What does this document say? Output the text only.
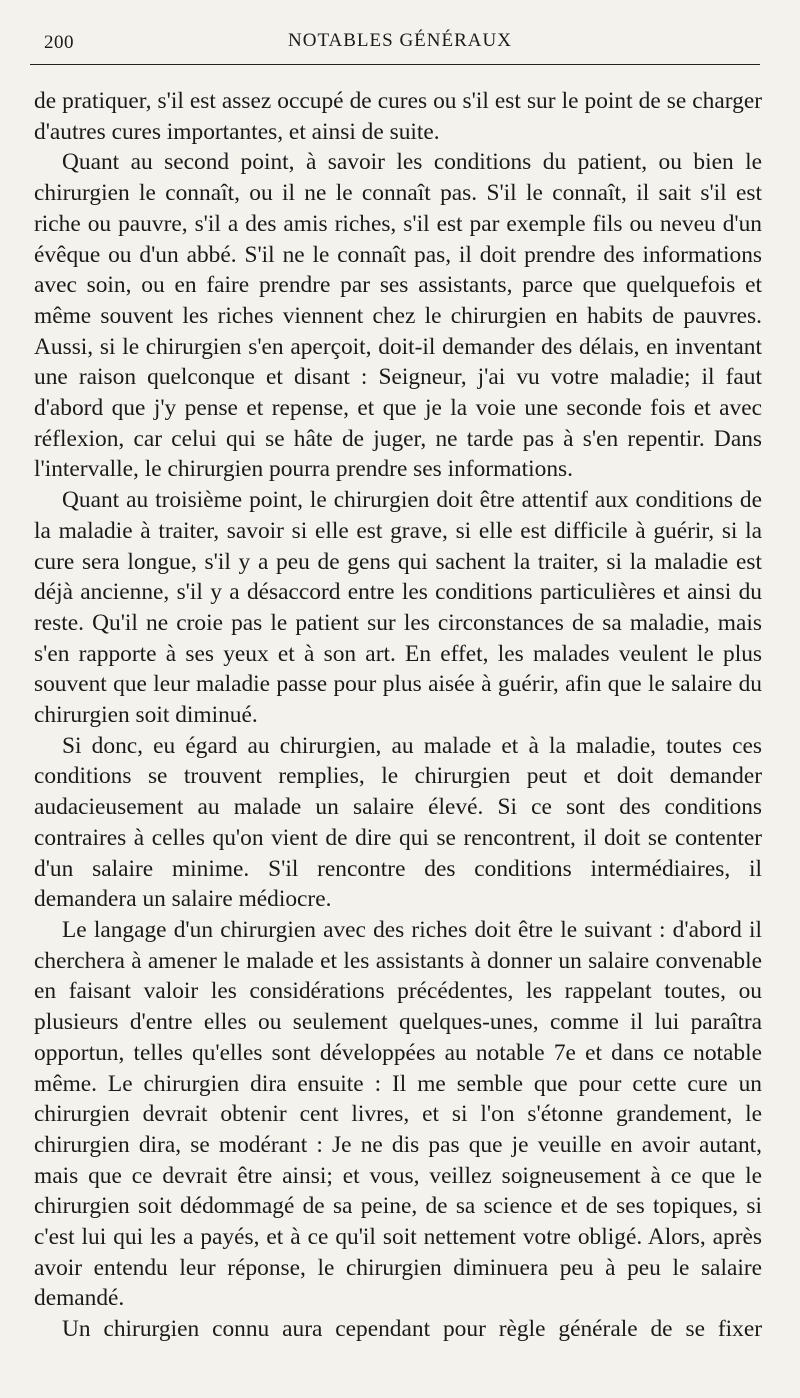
200	NOTABLES GÉNÉRAUX

de pratiquer, s'il est assez occupé de cures ou s'il est sur le point de se charger d'autres cures importantes, et ainsi de suite.

Quant au second point, à savoir les conditions du patient, ou bien le chirurgien le connaît, ou il ne le connaît pas. S'il le connaît, il sait s'il est riche ou pauvre, s'il a des amis riches, s'il est par exemple fils ou neveu d'un évêque ou d'un abbé. S'il ne le connaît pas, il doit prendre des informations avec soin, ou en faire prendre par ses assistants, parce que quelquefois et même souvent les riches viennent chez le chirurgien en habits de pauvres. Aussi, si le chirurgien s'en aperçoit, doit-il demander des délais, en inventant une raison quelconque et disant : Seigneur, j'ai vu votre maladie; il faut d'abord que j'y pense et repense, et que je la voie une seconde fois et avec réflexion, car celui qui se hâte de juger, ne tarde pas à s'en repentir. Dans l'intervalle, le chirurgien pourra prendre ses informations.

Quant au troisième point, le chirurgien doit être attentif aux conditions de la maladie à traiter, savoir si elle est grave, si elle est difficile à guérir, si la cure sera longue, s'il y a peu de gens qui sachent la traiter, si la maladie est déjà ancienne, s'il y a désaccord entre les conditions particulières et ainsi du reste. Qu'il ne croie pas le patient sur les circonstances de sa maladie, mais s'en rapporte à ses yeux et à son art. En effet, les malades veulent le plus souvent que leur maladie passe pour plus aisée à guérir, afin que le salaire du chirurgien soit diminué.

Si donc, eu égard au chirurgien, au malade et à la maladie, toutes ces conditions se trouvent remplies, le chirurgien peut et doit demander audacieusement au malade un salaire élevé. Si ce sont des conditions contraires à celles qu'on vient de dire qui se rencontrent, il doit se contenter d'un salaire minime. S'il rencontre des conditions intermédiaires, il demandera un salaire médiocre.

Le langage d'un chirurgien avec des riches doit être le suivant : d'abord il cherchera à amener le malade et les assistants à donner un salaire convenable en faisant valoir les considérations précédentes, les rappelant toutes, ou plusieurs d'entre elles ou seulement quelques-unes, comme il lui paraîtra opportun, telles qu'elles sont développées au notable 7e et dans ce notable même. Le chirurgien dira ensuite : Il me semble que pour cette cure un chirurgien devrait obtenir cent livres, et si l'on s'étonne grandement, le chirurgien dira, se modérant : Je ne dis pas que je veuille en avoir autant, mais que ce devrait être ainsi; et vous, veillez soigneusement à ce que le chirurgien soit dédommagé de sa peine, de sa science et de ses topiques, si c'est lui qui les a payés, et à ce qu'il soit nettement votre obligé. Alors, après avoir entendu leur réponse, le chirurgien diminuera peu à peu le salaire demandé.

Un chirurgien connu aura cependant pour règle générale de se fixer
